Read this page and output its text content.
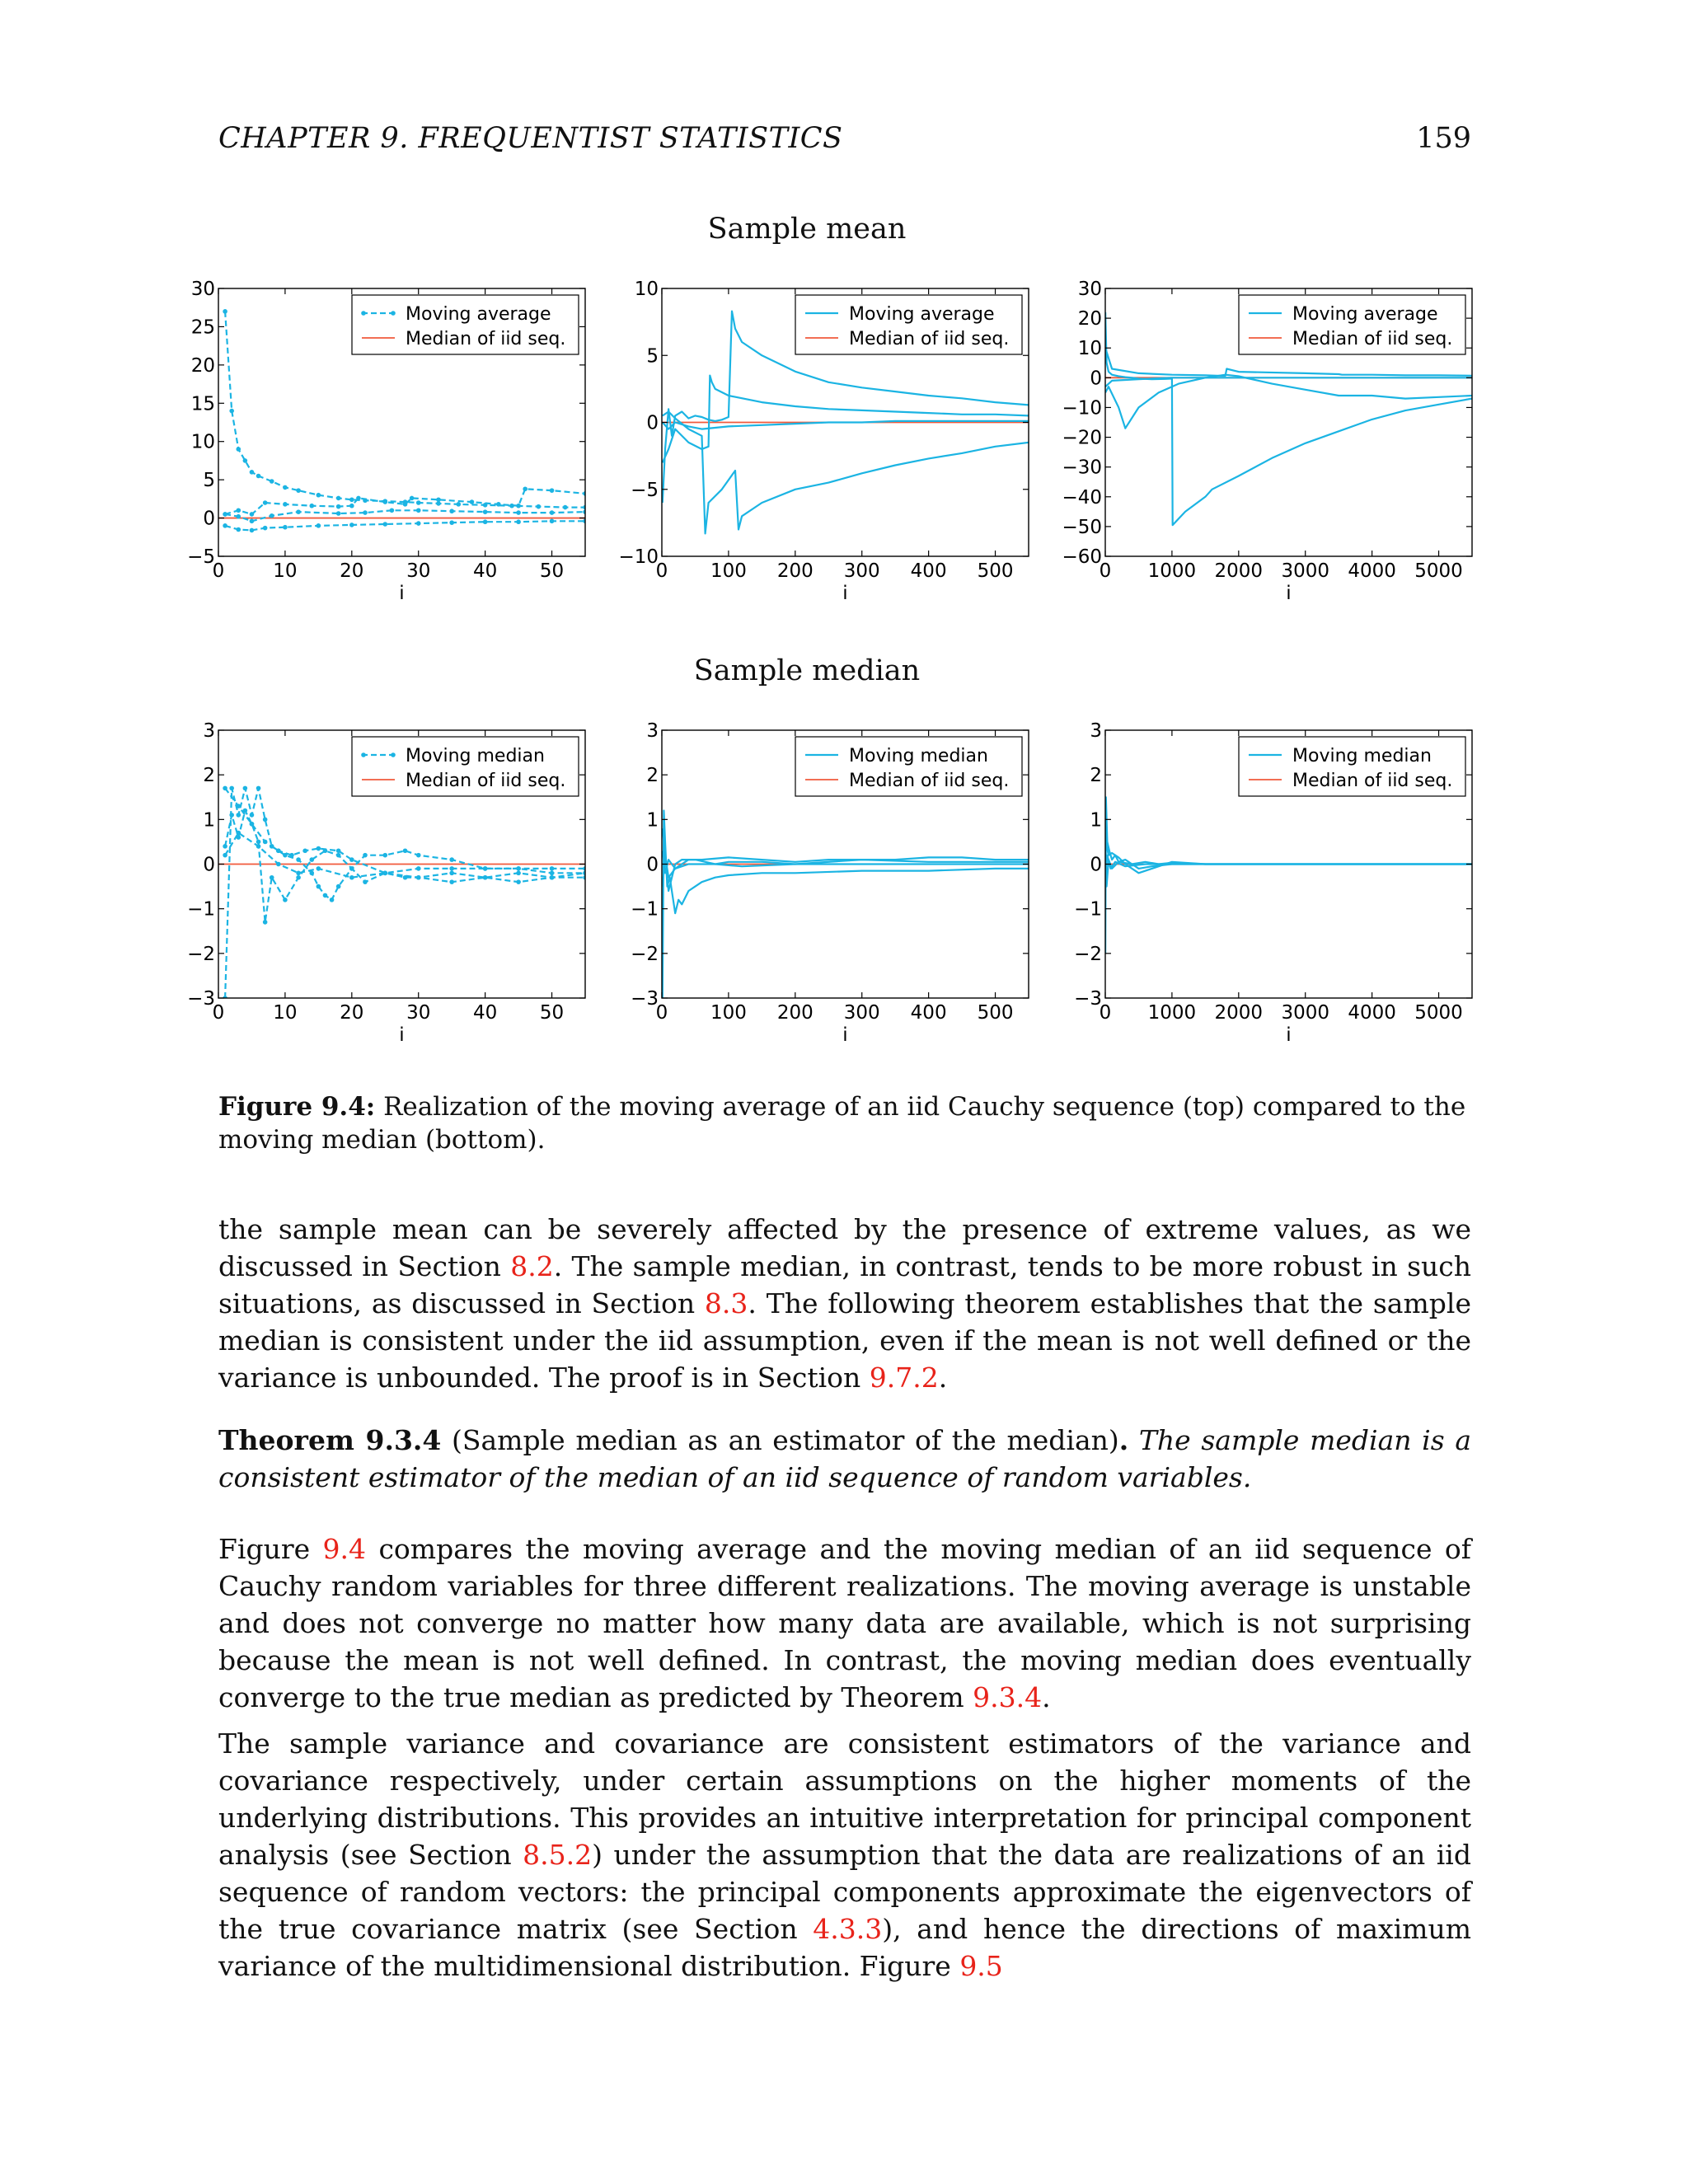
CHAPTER 9. FREQUENTIST STATISTICS	159
Sample mean
Sample median
0	10 20 30 40 50
−5
0
5
10
15
20
25
30
i
Moving average
Median of iid seq.
0 100 200 300 400 500
−10
−5
0
5
10
i
Moving average
Median of iid seq.
0 1000 2000 3000 4000 5000
−60
−50
−40
−30
−20
−10
0
10
20
30
i
Moving average
Median of iid seq.
0	10 20 30 40 50
−3
−2
−1
0
1
2
3
i
Moving median
Median of iid seq.
0 100 200 300 400 500
−3
−2
−1
0
1
2
3
i
Moving median
Median of iid seq.
0 1000 2000 3000 4000 5000
−3
−2
−1
0
1
2
3
i
Moving median
Median of iid seq.
Figure 9.4: Realization of the moving average of an iid Cauchy sequence (top) compared to the moving median (bottom).
the sample mean can be severely affected by the presence of extreme values, as we discussed in Section 8.2. The sample median, in contrast, tends to be more robust in such situations, as discussed in Section 8.3. The following theorem establishes that the sample median is consistent under the iid assumption, even if the mean is not well defined or the variance is unbounded. The proof is in Section 9.7.2.
Theorem 9.3.4 (Sample median as an estimator of the median). The sample median is a consistent estimator of the median of an iid sequence of random variables.
Figure 9.4 compares the moving average and the moving median of an iid sequence of Cauchy random variables for three different realizations. The moving average is unstable and does not converge no matter how many data are available, which is not surprising because the mean is not well defined. In contrast, the moving median does eventually converge to the true median as predicted by Theorem 9.3.4.
The sample variance and covariance are consistent estimators of the variance and covariance respectively, under certain assumptions on the higher moments of the underlying distributions. This provides an intuitive interpretation for principal component analysis (see Section 8.5.2) under the assumption that the data are realizations of an iid sequence of random vectors: the principal components approximate the eigenvectors of the true covariance matrix (see Section 4.3.3), and hence the directions of maximum variance of the multidimensional distribution. Figure 9.5
